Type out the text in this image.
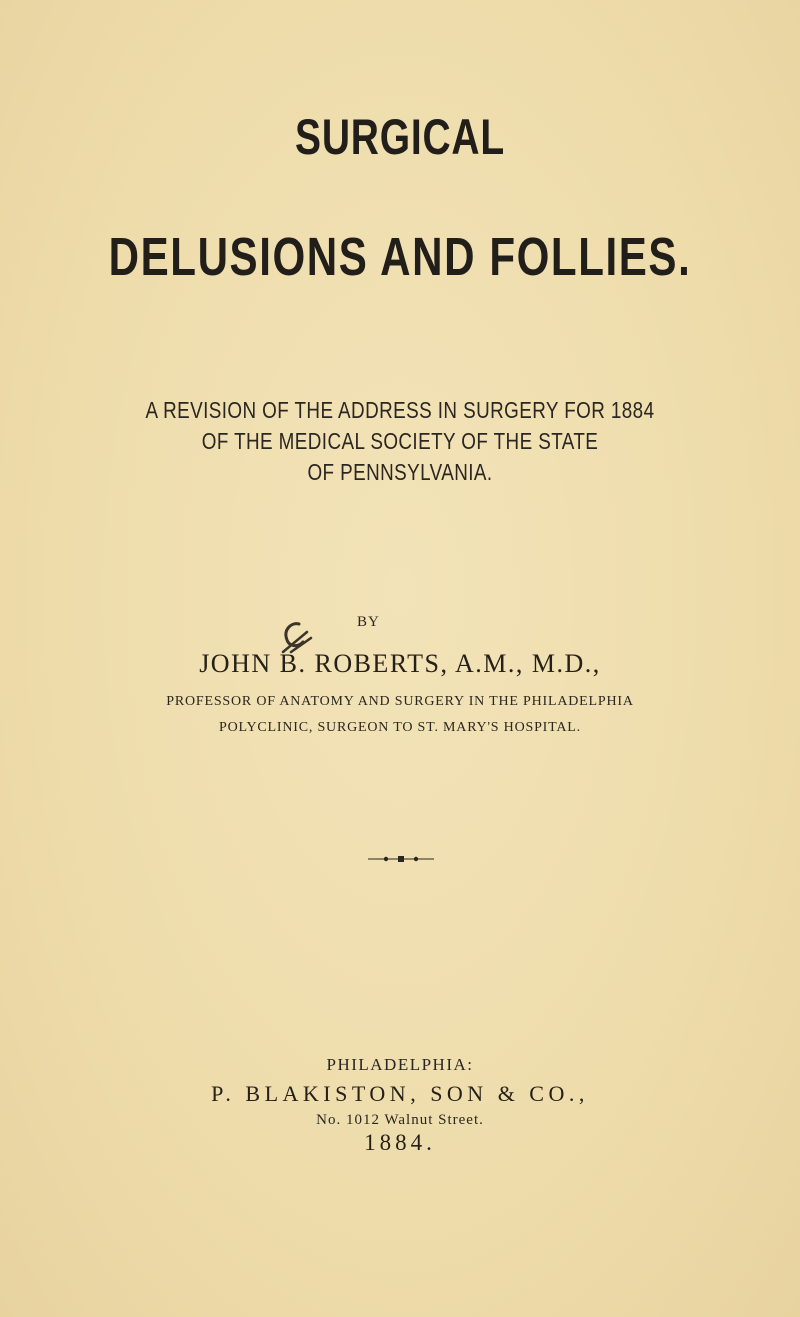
SURGICAL
DELUSIONS AND FOLLIES.
A REVISION OF THE ADDRESS IN SURGERY FOR 1884
OF THE MEDICAL SOCIETY OF THE STATE
OF PENNSYLVANIA.
BY
JOHN B. ROBERTS, A.M., M.D.,
PROFESSOR OF ANATOMY AND SURGERY IN THE PHILADELPHIA
POLYCLINIC, SURGEON TO ST. MARY'S HOSPITAL.
PHILADELPHIA:
P. BLAKISTON, SON & CO.,
No. 1012 Walnut Street.
1884.
